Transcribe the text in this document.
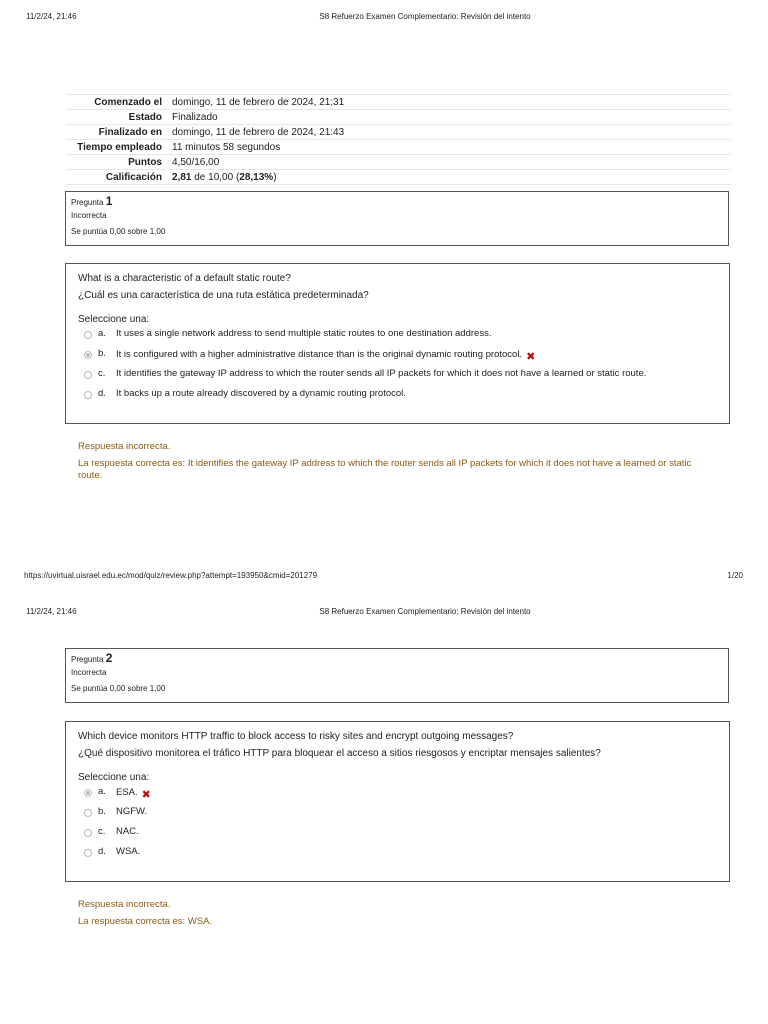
11/2/24, 21:46	S8 Refuerzo Examen Complementario: Revisión del intento
Comenzado el	domingo, 11 de febrero de 2024, 21:31
Estado	Finalizado
Finalizado en	domingo, 11 de febrero de 2024, 21:43
Tiempo empleado	11 minutos 58 segundos
Puntos	4,50/16,00
Calificación	2,81 de 10,00 (28,13%)
Pregunta 1
Incorrecta
Se puntúa 0,00 sobre 1,00
What is a characteristic of a default static route?
¿Cuál es una característica de una ruta estática predeterminada?
Seleccione una:
a. It uses a single network address to send multiple static routes to one destination address.
b. It is configured with a higher administrative distance than is the original dynamic routing protocol. ✖
c. It identifies the gateway IP address to which the router sends all IP packets for which it does not have a learned or static route.
d. It backs up a route already discovered by a dynamic routing protocol.
Respuesta incorrecta.
La respuesta correcta es: It identifies the gateway IP address to which the router sends all IP packets for which it does not have a learned or static route.
https://uvirtual.uisrael.edu.ec/mod/quiz/review.php?attempt=193950&cmid=201279	1/20
11/2/24, 21:46	S8 Refuerzo Examen Complementario: Revisión del intento
Pregunta 2
Incorrecta
Se puntúa 0,00 sobre 1,00
Which device monitors HTTP traffic to block access to risky sites and encrypt outgoing messages?
¿Qué dispositivo monitorea el tráfico HTTP para bloquear el acceso a sitios riesgosos y encriptar mensajes salientes?
Seleccione una:
a. ESA. ✖
b. NGFW.
c. NAC.
d. WSA.
Respuesta incorrecta.
La respuesta correcta es: WSA.
